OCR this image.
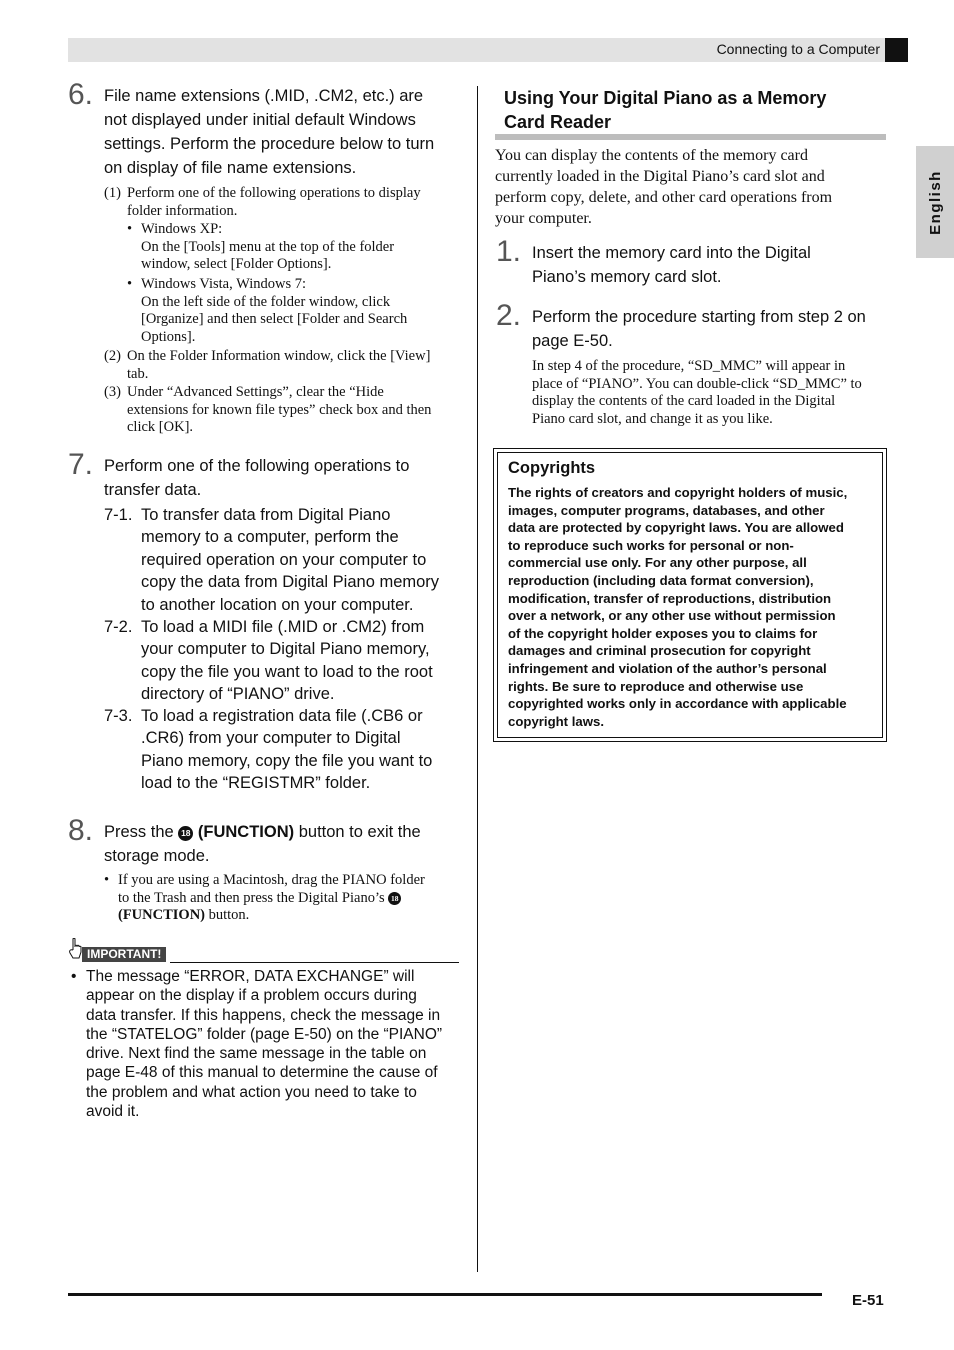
Connecting to a Computer
English
6. File name extensions (.MID, .CM2, etc.) are
not displayed under initial default Windows
settings. Perform the procedure below to turn
on display of file name extensions.
(1) Perform one of the following operations to display
folder information.
• Windows XP:
On the [Tools] menu at the top of the folder
window, select [Folder Options].
• Windows Vista, Windows 7:
On the left side of the folder window, click
[Organize] and then select [Folder and Search
Options].
(2) On the Folder Information window, click the [View]
tab.
(3) Under “Advanced Settings”, clear the “Hide
extensions for known file types” check box and then
click [OK].
7. Perform one of the following operations to
transfer data.
7-1. To transfer data from Digital Piano
memory to a computer, perform the
required operation on your computer to
copy the data from Digital Piano memory
to another location on your computer.
7-2. To load a MIDI file (.MID or .CM2) from
your computer to Digital Piano memory,
copy the file you want to load to the root
directory of “PIANO” drive.
7-3. To load a registration data file (.CB6 or
.CR6) from your computer to Digital
Piano memory, copy the file you want to
load to the “REGISTMR” folder.
8. Press the 18 (FUNCTION) button to exit the
storage mode.
• If you are using a Macintosh, drag the PIANO folder
to the Trash and then press the Digital Piano’s 18
(FUNCTION) button.
IMPORTANT!
• The message “ERROR, DATA EXCHANGE” will
appear on the display if a problem occurs during
data transfer. If this happens, check the message in
the “STATELOG” folder (page E-50) on the “PIANO”
drive. Next find the same message in the table on
page E-48 of this manual to determine the cause of
the problem and what action you need to take to
avoid it.
Using Your Digital Piano as a Memory
Card Reader
You can display the contents of the memory card
currently loaded in the Digital Piano’s card slot and
perform copy, delete, and other card operations from
your computer.
1. Insert the memory card into the Digital
Piano’s memory card slot.
2. Perform the procedure starting from step 2 on
page E-50.
In step 4 of the procedure, “SD_MMC” will appear in
place of “PIANO”. You can double-click “SD_MMC” to
display the contents of the card loaded in the Digital
Piano card slot, and change it as you like.
Copyrights
The rights of creators and copyright holders of music,
images, computer programs, databases, and other
data are protected by copyright laws. You are allowed
to reproduce such works for personal or non-
commercial use only. For any other purpose, all
reproduction (including data format conversion),
modification, transfer of reproductions, distribution
over a network, or any other use without permission
of the copyright holder exposes you to claims for
damages and criminal prosecution for copyright
infringement and violation of the author’s personal
rights. Be sure to reproduce and otherwise use
copyrighted works only in accordance with applicable
copyright laws.
E-51
